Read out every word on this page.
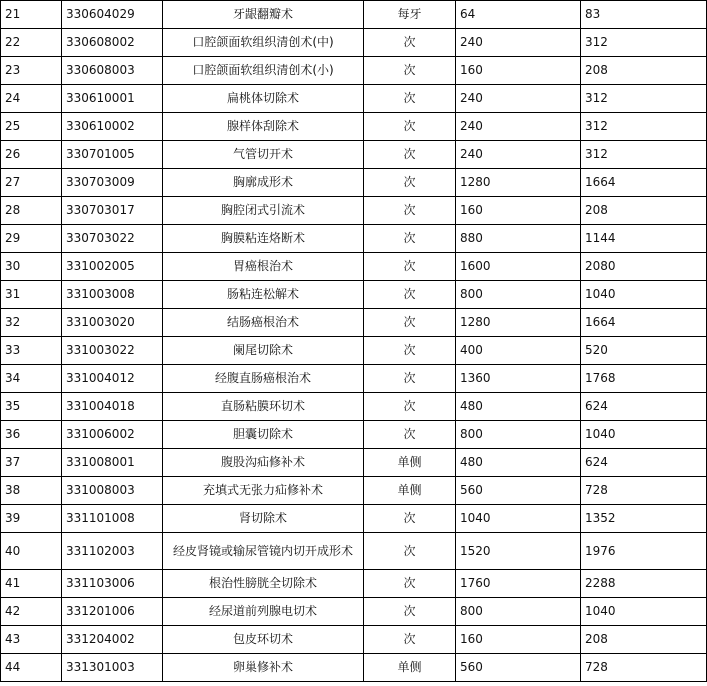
21	330604029	牙龈翻瓣术	每牙	64	83
22	330608002	口腔颌面软组织清创术(中)	次	240	312
23	330608003	口腔颌面软组织清创术(小)	次	160	208
24	330610001	扁桃体切除术	次	240	312
25	330610002	腺样体刮除术	次	240	312
26	330701005	气管切开术	次	240	312
27	330703009	胸廓成形术	次	1280	1664
28	330703017	胸腔闭式引流术	次	160	208
29	330703022	胸膜粘连烙断术	次	880	1144
30	331002005	胃癌根治术	次	1600	2080
31	331003008	肠粘连松解术	次	800	1040
32	331003020	结肠癌根治术	次	1280	1664
33	331003022	阑尾切除术	次	400	520
34	331004012	经腹直肠癌根治术	次	1360	1768
35	331004018	直肠粘膜环切术	次	480	624
36	331006002	胆囊切除术	次	800	1040
37	331008001	腹股沟疝修补术	单侧	480	624
38	331008003	充填式无张力疝修补术	单侧	560	728
39	331101008	肾切除术	次	1040	1352
40	331102003	经皮肾镜或输尿管镜内切开成形术	次	1520	1976
41	331103006	根治性膀胱全切除术	次	1760	2288
42	331201006	经尿道前列腺电切术	次	800	1040
43	331204002	包皮环切术	次	160	208
44	331301003	卵巢修补术	单侧	560	728
